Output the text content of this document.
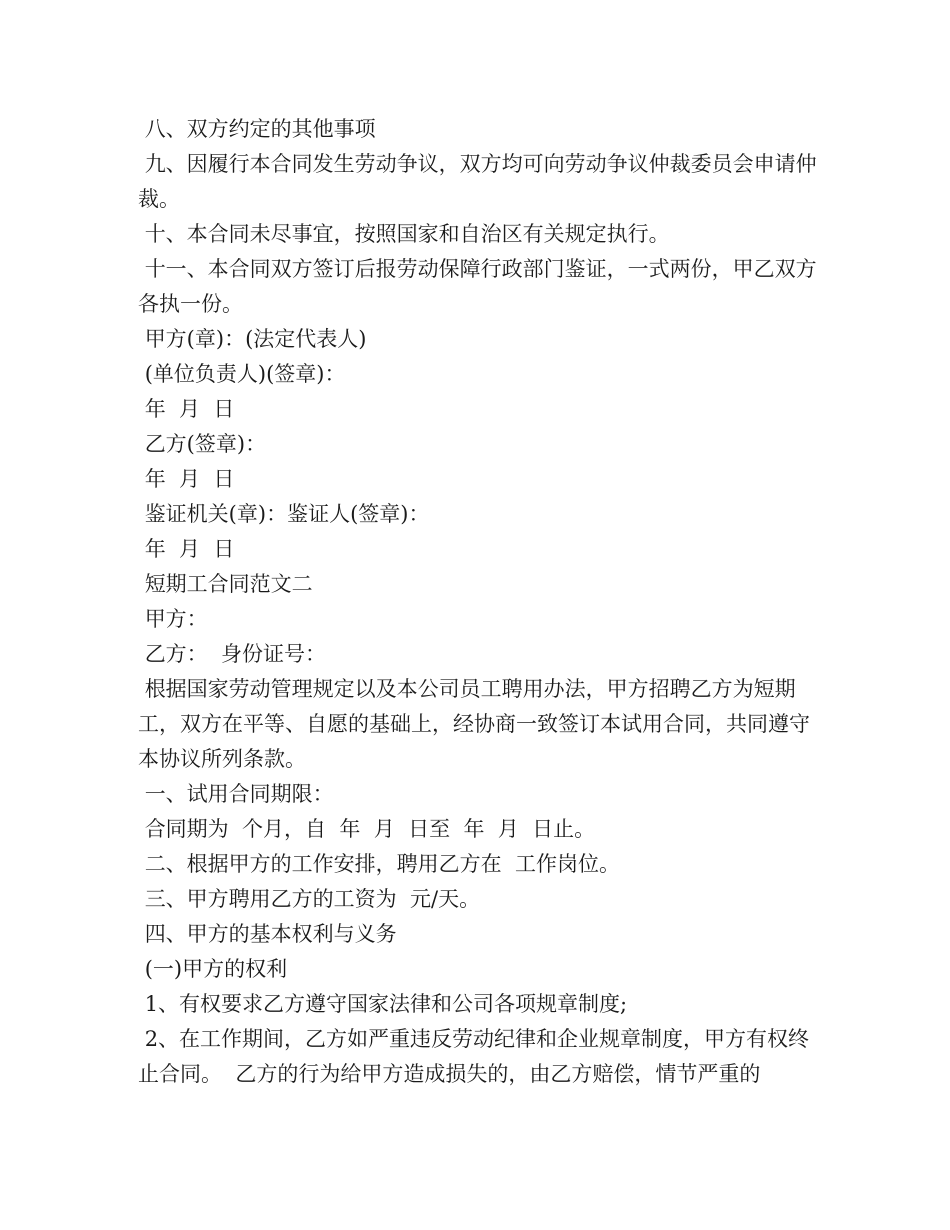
八、双方约定的其他事项

九、因履行本合同发生劳动争议，双方均可向劳动争议仲裁委员会申请仲裁。

十、本合同未尽事宜，按照国家和自治区有关规定执行。

十一、本合同双方签订后报劳动保障行政部门鉴证，一式两份，甲乙双方各执一份。

甲方(章)：(法定代表人)

(单位负责人)(签章)：

年  月  日

乙方(签章)：

年  月  日

鉴证机关(章)：鉴证人(签章)：

年  月  日

短期工合同范文二

甲方：

乙方：  身份证号：

根据国家劳动管理规定以及本公司员工聘用办法，甲方招聘乙方为短期工，双方在平等、自愿的基础上，经协商一致签订本试用合同，共同遵守本协议所列条款。

一、试用合同期限：

合同期为  个月，自  年  月  日至  年  月  日止。

二、根据甲方的工作安排，聘用乙方在  工作岗位。

三、甲方聘用乙方的工资为  元/天。

四、甲方的基本权利与义务

(一)甲方的权利

1、有权要求乙方遵守国家法律和公司各项规章制度;

2、在工作期间，乙方如严重违反劳动纪律和企业规章制度，甲方有权终止合同。  乙方的行为给甲方造成损失的，由乙方赔偿，情节严重的
